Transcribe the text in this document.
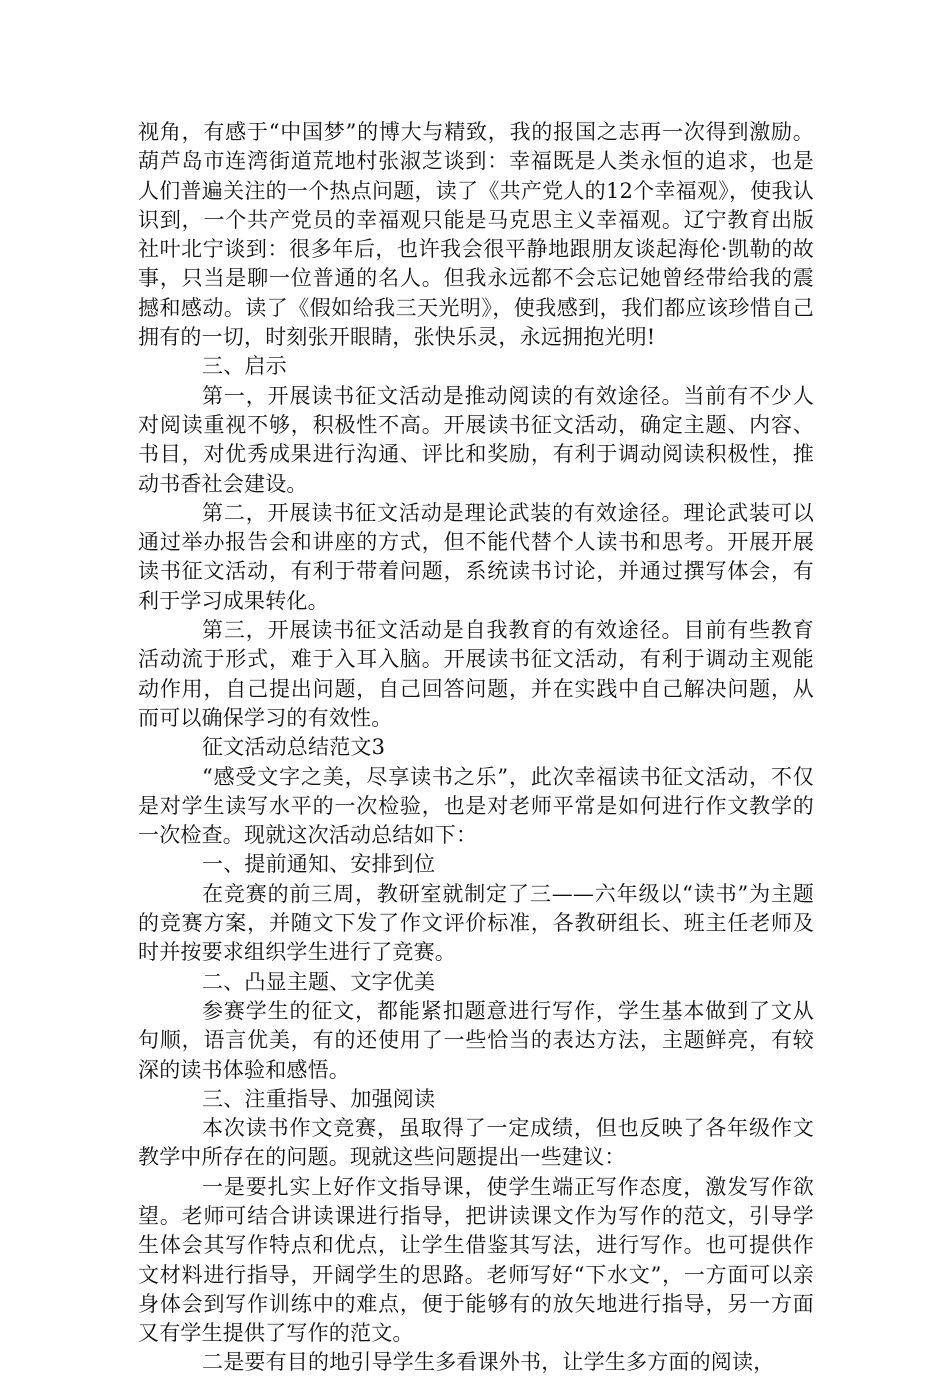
视角，有感于“中国梦”的博大与精致，我的报国之志再一次得到激励。葫芦岛市连湾街道荒地村张淑芝谈到：幸福既是人类永恒的追求，也是人们普遍关注的一个热点问题，读了《共产党人的12个幸福观》，使我认识到，一个共产党员的幸福观只能是马克思主义幸福观。辽宁教育出版社叶北宁谈到：很多年后，也许我会很平静地跟朋友谈起海伦·凯勒的故事，只当是聊一位普通的名人。但我永远都不会忘记她曾经带给我的震撼和感动。读了《假如给我三天光明》，使我感到，我们都应该珍惜自己拥有的一切，时刻张开眼睛，张快乐灵，永远拥抱光明!

三、启示

第一，开展读书征文活动是推动阅读的有效途径。当前有不少人对阅读重视不够，积极性不高。开展读书征文活动，确定主题、内容、书目，对优秀成果进行沟通、评比和奖励，有利于调动阅读积极性，推动书香社会建设。

第二，开展读书征文活动是理论武装的有效途径。理论武装可以通过举办报告会和讲座的方式，但不能代替个人读书和思考。开展开展读书征文活动，有利于带着问题，系统读书讨论，并通过撰写体会，有利于学习成果转化。

第三，开展读书征文活动是自我教育的有效途径。目前有些教育活动流于形式，难于入耳入脑。开展读书征文活动，有利于调动主观能动作用，自己提出问题，自己回答问题，并在实践中自己解决问题，从而可以确保学习的有效性。

征文活动总结范文3

“感受文字之美，尽享读书之乐”，此次幸福读书征文活动，不仅是对学生读写水平的一次检验，也是对老师平常是如何进行作文教学的一次检查。现就这次活动总结如下：

一、提前通知、安排到位

在竞赛的前三周，教研室就制定了三——六年级以“读书”为主题的竞赛方案，并随文下发了作文评价标准，各教研组长、班主任老师及时并按要求组织学生进行了竞赛。

二、凸显主题、文字优美

参赛学生的征文，都能紧扣题意进行写作，学生基本做到了文从句顺，语言优美，有的还使用了一些恰当的表达方法，主题鲜亮，有较深的读书体验和感悟。

三、注重指导、加强阅读

本次读书作文竞赛，虽取得了一定成绩，但也反映了各年级作文教学中所存在的问题。现就这些问题提出一些建议：

一是要扎实上好作文指导课，使学生端正写作态度，激发写作欲望。老师可结合讲读课进行指导，把讲读课文作为写作的范文，引导学生体会其写作特点和优点，让学生借鉴其写法，进行写作。也可提供作文材料进行指导，开阔学生的思路。老师写好“下水文”，一方面可以亲身体会到写作训练中的难点，便于能够有的放矢地进行指导，另一方面又有学生提供了写作的范文。

二是要有目的地引导学生多看课外书，让学生多方面的阅读，
